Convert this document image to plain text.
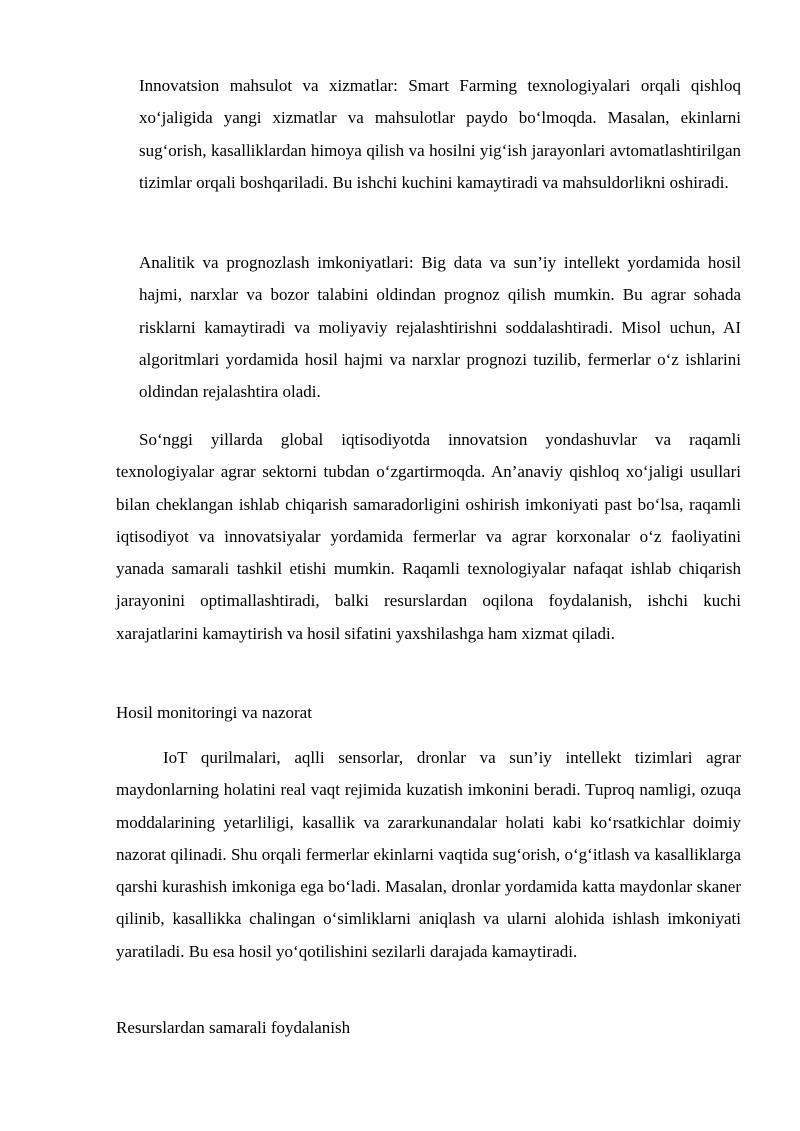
Innovatsion mahsulot va xizmatlar: Smart Farming texnologiyalari orqali qishloq xo‘jaligida yangi xizmatlar va mahsulotlar paydo bo‘lmoqda. Masalan, ekinlarni sug‘orish, kasalliklardan himoya qilish va hosilni yig‘ish jarayonlari avtomatlashtirilgan tizimlar orqali boshqariladi. Bu ishchi kuchini kamaytiradi va mahsuldorlikni oshiradi.

Analitik va prognozlash imkoniyatlari: Big data va sun’iy intellekt yordamida hosil hajmi, narxlar va bozor talabini oldindan prognoz qilish mumkin. Bu agrar sohada risklarni kamaytiradi va moliyaviy rejalashtirishni soddalashtiradi. Misol uchun, AI algoritmlari yordamida hosil hajmi va narxlar prognozi tuzilib, fermerlar o‘z ishlarini oldindan rejalashtira oladi.

So‘nggi yillarda global iqtisodiyotda innovatsion yondashuvlar va raqamli texnologiyalar agrar sektorni tubdan o‘zgartirmoqda. An’anaviy qishloq xo‘jaligi usullari bilan cheklangan ishlab chiqarish samaradorligini oshirish imkoniyati past bo‘lsa, raqamli iqtisodiyot va innovatsiyalar yordamida fermerlar va agrar korxonalar o‘z faoliyatini yanada samarali tashkil etishi mumkin. Raqamli texnologiyalar nafaqat ishlab chiqarish jarayonini optimallashtiradi, balki resurslardan oqilona foydalanish, ishchi kuchi xarajatlarini kamaytirish va hosil sifatini yaxshilashga ham xizmat qiladi.

Hosil monitoringi va nazorat

IoT qurilmalari, aqlli sensorlar, dronlar va sun’iy intellekt tizimlari agrar maydonlarning holatini real vaqt rejimida kuzatish imkonini beradi. Tuproq namligi, ozuqa moddalarining yetarliligi, kasallik va zararkunandalar holati kabi ko‘rsatkichlar doimiy nazorat qilinadi. Shu orqali fermerlar ekinlarni vaqtida sug‘orish, o‘g‘itlash va kasalliklarga qarshi kurashish imkoniga ega bo‘ladi. Masalan, dronlar yordamida katta maydonlar skaner qilinib, kasallikka chalingan o‘simliklarni aniqlash va ularni alohida ishlash imkoniyati yaratiladi. Bu esa hosil yo‘qotilishini sezilarli darajada kamaytiradi.

Resurslardan samarali foydalanish
